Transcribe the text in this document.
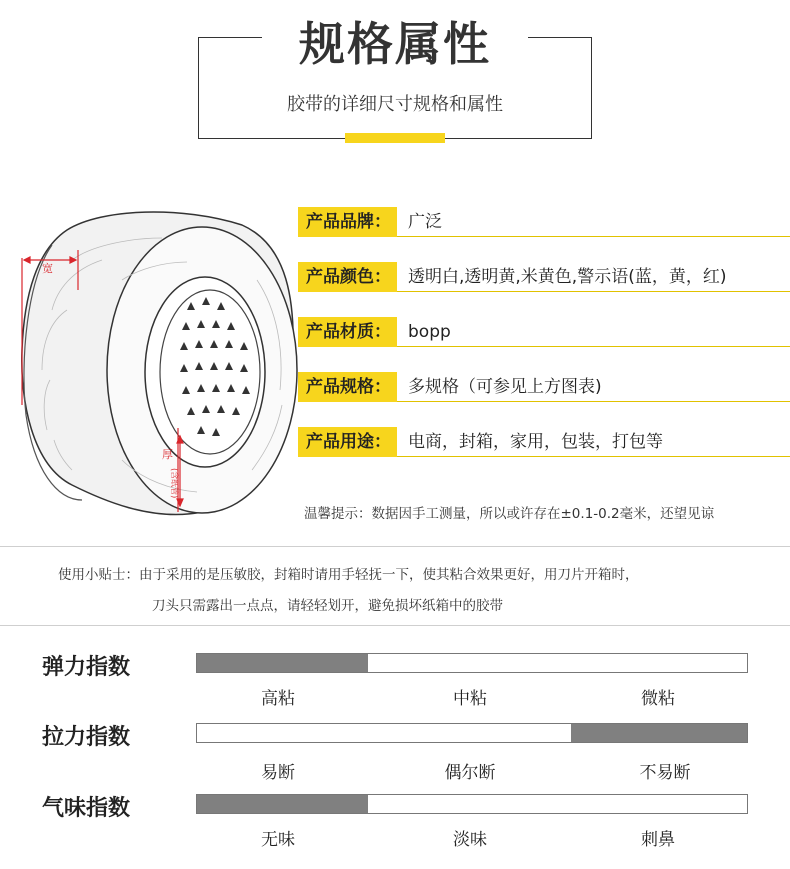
规格属性
胶带的详细尺寸规格和属性
宽
厚
(含纸管)
产品品牌：	广泛
产品颜色：	透明白,透明黄,米黄色,警示语(蓝，黄，红)
产品材质：	bopp
产品规格：	多规格（可参见上方图表)
产品用途：	电商，封箱，家用，包装，打包等
温馨提示：数据因手工测量，所以或许存在±0.1-0.2毫米，还望见谅
使用小贴士：由于采用的是压敏胶，封箱时请用手轻抚一下，使其粘合效果更好，用刀片开箱时，
刀头只需露出一点点，请轻轻划开，避免损坏纸箱中的胶带
弹力指数
高粘	中粘	微粘
拉力指数
易断	偶尔断	不易断
气味指数
无味	淡味	刺鼻
